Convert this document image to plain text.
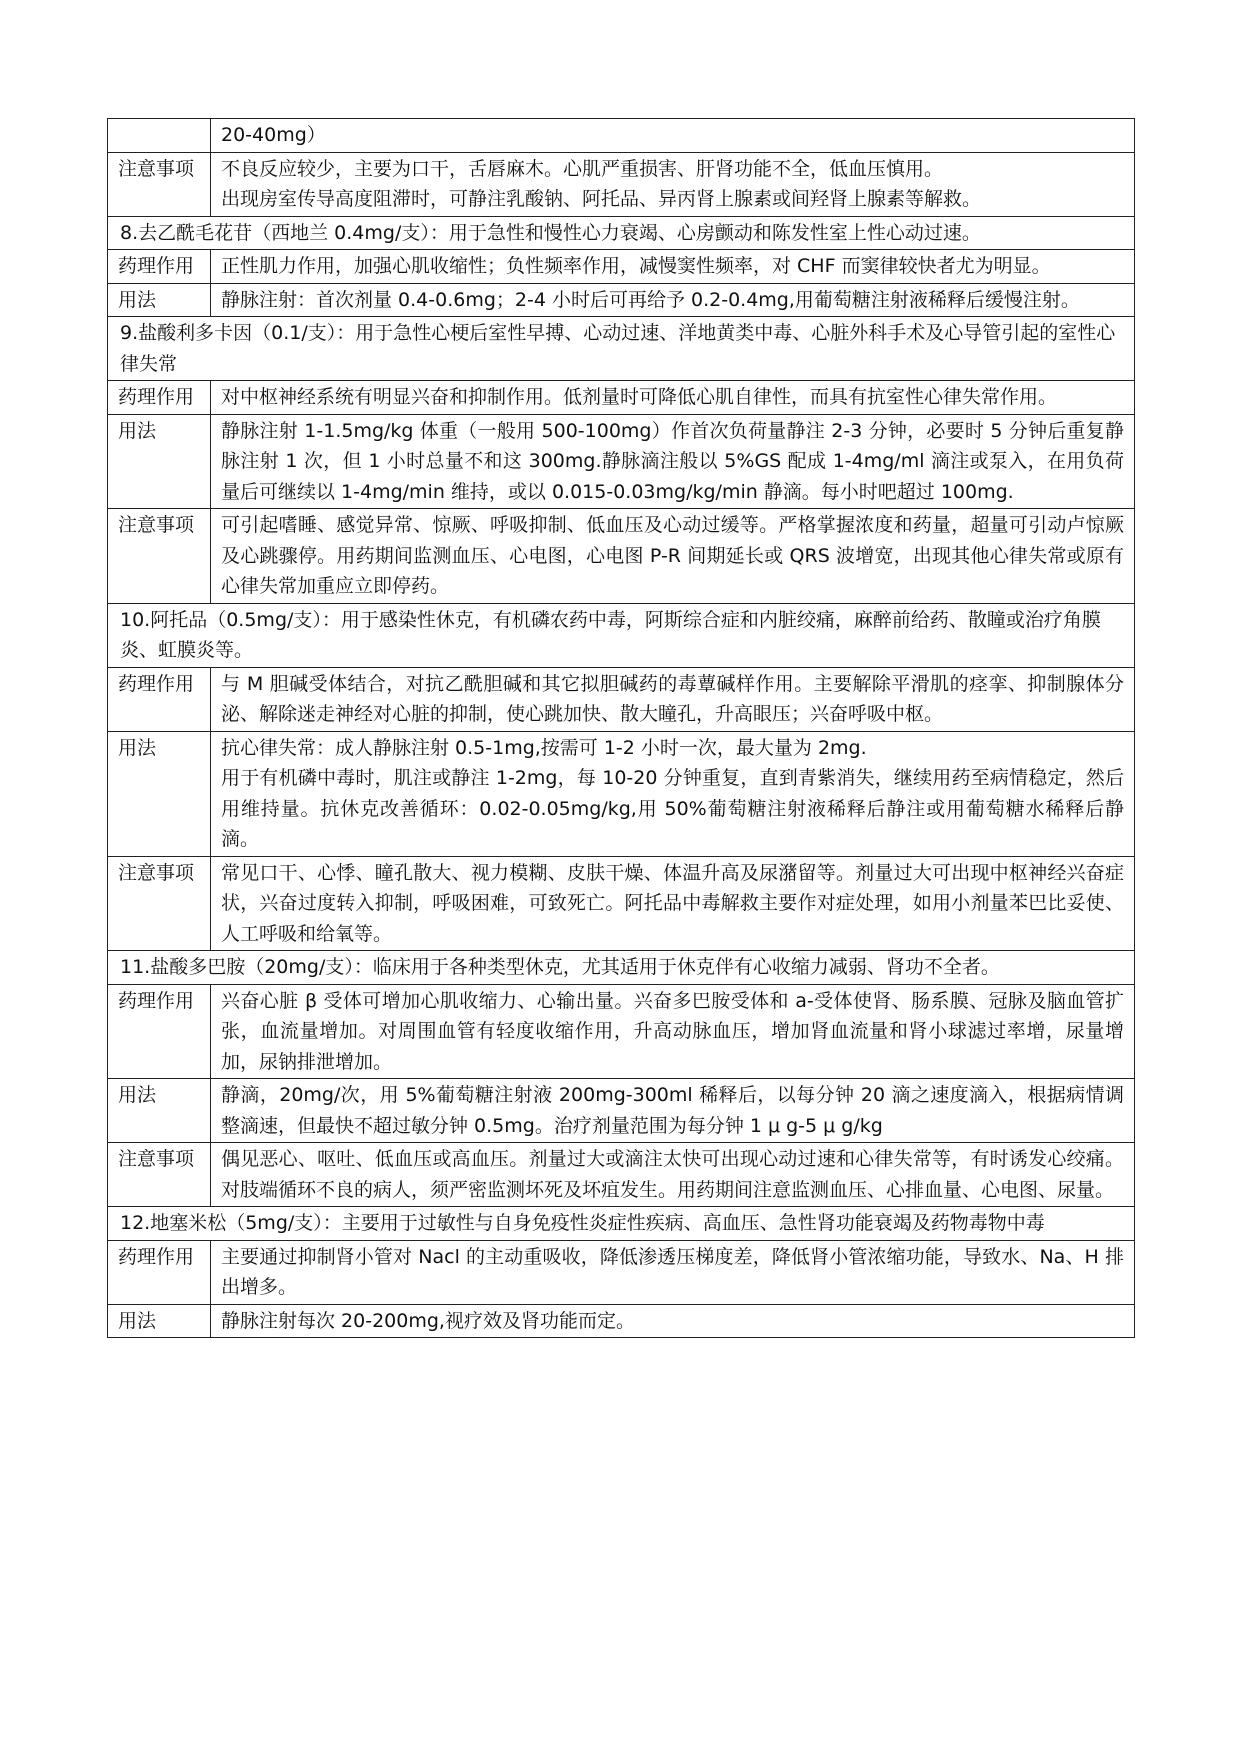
	20-40mg）

注意事项	不良反应较少，主要为口干，舌唇麻木。心肌严重损害、肝肾功能不全，低血压慎用。
出现房室传导高度阻滞时，可静注乳酸钠、阿托品、异丙肾上腺素或间羟肾上腺素等解救。

8.去乙酰毛花苷（西地兰 0.4mg/支）：用于急性和慢性心力衰竭、心房颤动和陈发性室上性心动过速。	
药理作用	正性肌力作用，加强心肌收缩性；负性频率作用，减慢窦性频率，对 CHF 而窦律较快者尤为明显。

用法	静脉注射：首次剂量 0.4-0.6mg；2-4 小时后可再给予 0.2-0.4mg,用葡萄糖注射液稀释后缓慢注射。

9.盐酸利多卡因（0.1/支）：用于急性心梗后室性早搏、心动过速、洋地黄类中毒、心脏外科手术及心导管引起的室性心律失常	
药理作用	对中枢神经系统有明显兴奋和抑制作用。低剂量时可降低心肌自律性，而具有抗室性心律失常作用。

用法	静脉注射 1-1.5mg/kg 体重（一般用 500-100mg）作首次负荷量静注 2-3 分钟，必要时 5 分钟后重复静脉注射 1 次，但 1 小时总量不和这 300mg.静脉滴注般以 5%GS 配成 1-4mg/ml 滴注或泵入，在用负荷量后可继续以 1-4mg/min 维持，或以 0.015-0.03mg/kg/min 静滴。每小时吧超过 100mg.

注意事项	可引起嗜睡、感觉异常、惊厥、呼吸抑制、低血压及心动过缓等。严格掌握浓度和药量，超量可引动卢惊厥及心跳骤停。用药期间监测血压、心电图，心电图 P-R 间期延长或 QRS 波增宽，出现其他心律失常或原有心律失常加重应立即停药。

10.阿托品（0.5mg/支）：用于感染性休克，有机磷农药中毒，阿斯综合症和内脏绞痛，麻醉前给药、散瞳或治疗角膜炎、虹膜炎等。	
药理作用	与 M 胆碱受体结合，对抗乙酰胆碱和其它拟胆碱药的毒蕈碱样作用。主要解除平滑肌的痉挛、抑制腺体分泌、解除迷走神经对心脏的抑制，使心跳加快、散大瞳孔，升高眼压；兴奋呼吸中枢。

用法	抗心律失常：成人静脉注射 0.5-1mg,按需可 1-2 小时一次，最大量为 2mg.
用于有机磷中毒时，肌注或静注 1-2mg，每 10-20 分钟重复，直到青紫消失，继续用药至病情稳定，然后用维持量。抗休克改善循环：0.02-0.05mg/kg,用 50%葡萄糖注射液稀释后静注或用葡萄糖水稀释后静滴。

注意事项	常见口干、心悸、瞳孔散大、视力模糊、皮肤干燥、体温升高及尿潴留等。剂量过大可出现中枢神经兴奋症状，兴奋过度转入抑制，呼吸困难，可致死亡。阿托品中毒解救主要作对症处理，如用小剂量苯巴比妥使、人工呼吸和给氧等。

11.盐酸多巴胺（20mg/支）：临床用于各种类型休克，尤其适用于休克伴有心收缩力减弱、肾功不全者。	
药理作用	兴奋心脏 β 受体可增加心肌收缩力、心输出量。兴奋多巴胺受体和 a-受体使肾、肠系膜、冠脉及脑血管扩张，血流量增加。对周围血管有轻度收缩作用，升高动脉血压，增加肾血流量和肾小球滤过率增，尿量增加，尿钠排泄增加。

用法	静滴，20mg/次，用 5%葡萄糖注射液 200mg-300ml 稀释后，以每分钟 20 滴之速度滴入，根据病情调整滴速，但最快不超过敏分钟 0.5mg。治疗剂量范围为每分钟 1 μ g-5 μ g/kg

注意事项	偶见恶心、呕吐、低血压或高血压。剂量过大或滴注太快可出现心动过速和心律失常等，有时诱发心绞痛。对肢端循环不良的病人，须严密监测坏死及坏疽发生。用药期间注意监测血压、心排血量、心电图、尿量。

12.地塞米松（5mg/支）：主要用于过敏性与自身免疫性炎症性疾病、高血压、急性肾功能衰竭及药物毒物中毒	
药理作用	主要通过抑制肾小管对 Nacl 的主动重吸收，降低渗透压梯度差，降低肾小管浓缩功能，导致水、Na、H 排出增多。

用法	静脉注射每次 20-200mg,视疗效及肾功能而定。
